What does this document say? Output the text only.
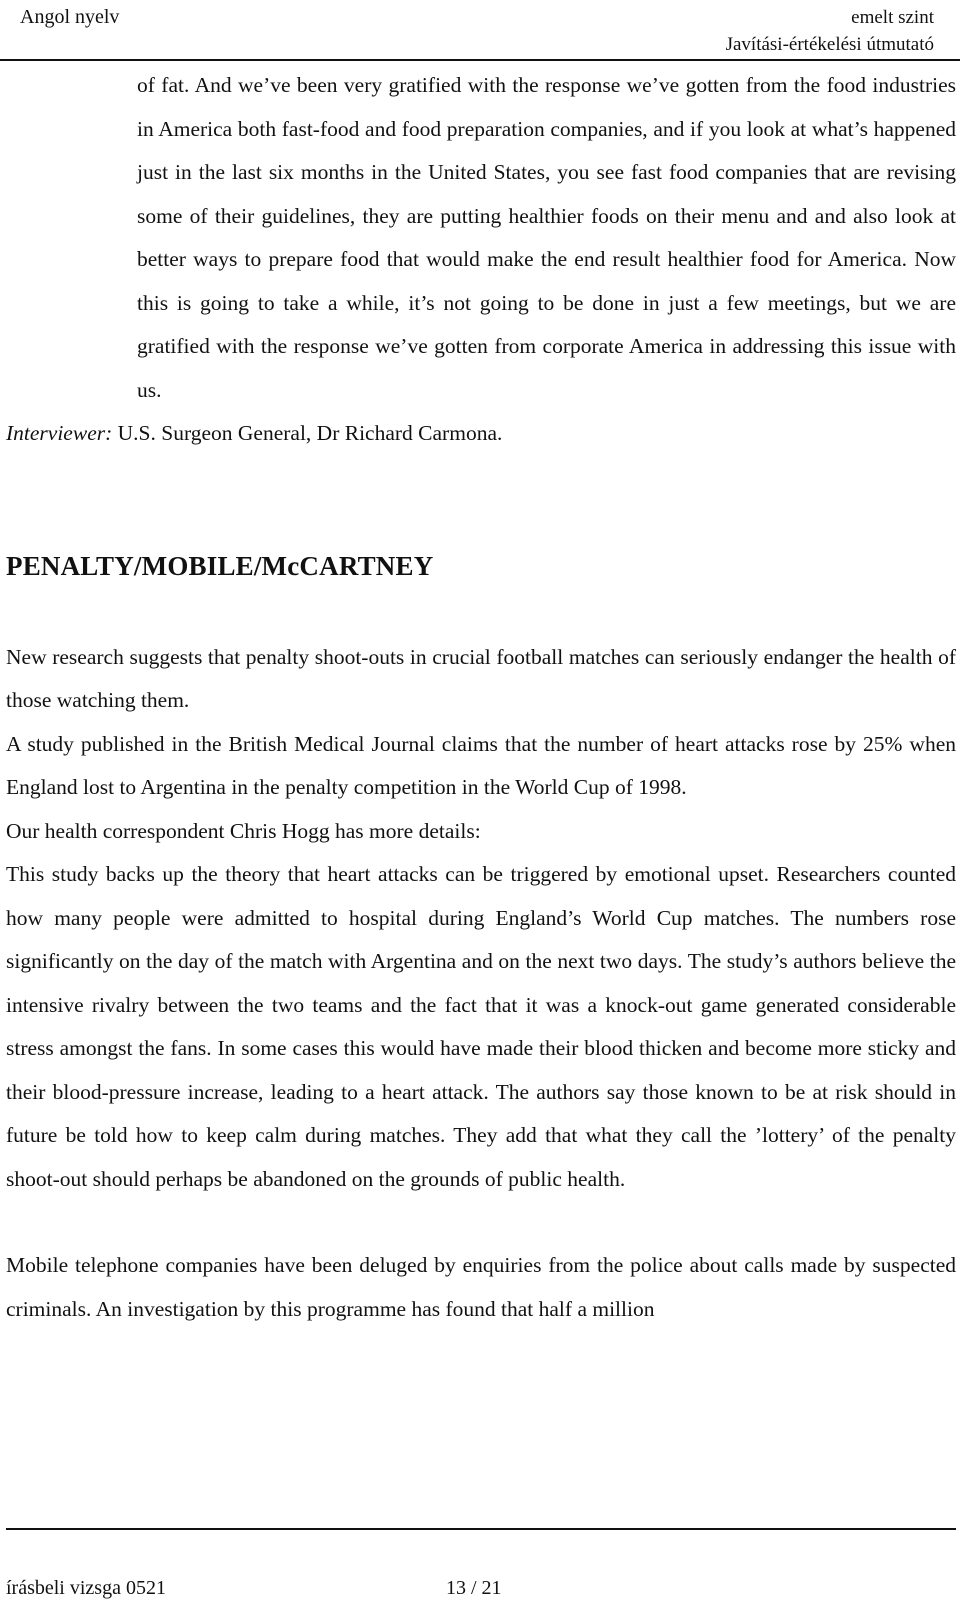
Angol nyelv	emelt szint
Javítási-értékelési útmutató

of fat. And we’ve been very gratified with the response we’ve gotten from the food industries in America both fast-food and food preparation companies, and if you look at what’s happened just in the last six months in the United States, you see fast food companies that are revising some of their guidelines, they are putting healthier foods on their menu and and also look at better ways to prepare food that would make the end result healthier food for America. Now this is going to take a while, it’s not going to be done in just a few meetings, but we are gratified with the response we’ve gotten from corporate America in addressing this issue with us.

Interviewer: U.S. Surgeon General, Dr Richard Carmona.

PENALTY/MOBILE/McCARTNEY

New research suggests that penalty shoot-outs in crucial football matches can seriously endanger the health of those watching them.

A study published in the British Medical Journal claims that the number of heart attacks rose by 25% when England lost to Argentina in the penalty competition in the World Cup of 1998.

Our health correspondent Chris Hogg has more details:

This study backs up the theory that heart attacks can be triggered by emotional upset. Researchers counted how many people were admitted to hospital during England’s World Cup matches. The numbers rose significantly on the day of the match with Argentina and on the next two days. The study’s authors believe the intensive rivalry between the two teams and the fact that it was a knock-out game generated considerable stress amongst the fans. In some cases this would have made their blood thicken and become more sticky and their blood-pressure increase, leading to a heart attack. The authors say those known to be at risk should in future be told how to keep calm during matches. They add that what they call the ’lottery’ of the penalty shoot-out should perhaps be abandoned on the grounds of public health.

Mobile telephone companies have been deluged by enquiries from the police about calls made by suspected criminals. An investigation by this programme has found that half a million

írásbeli vizsga 0521	13 / 21
